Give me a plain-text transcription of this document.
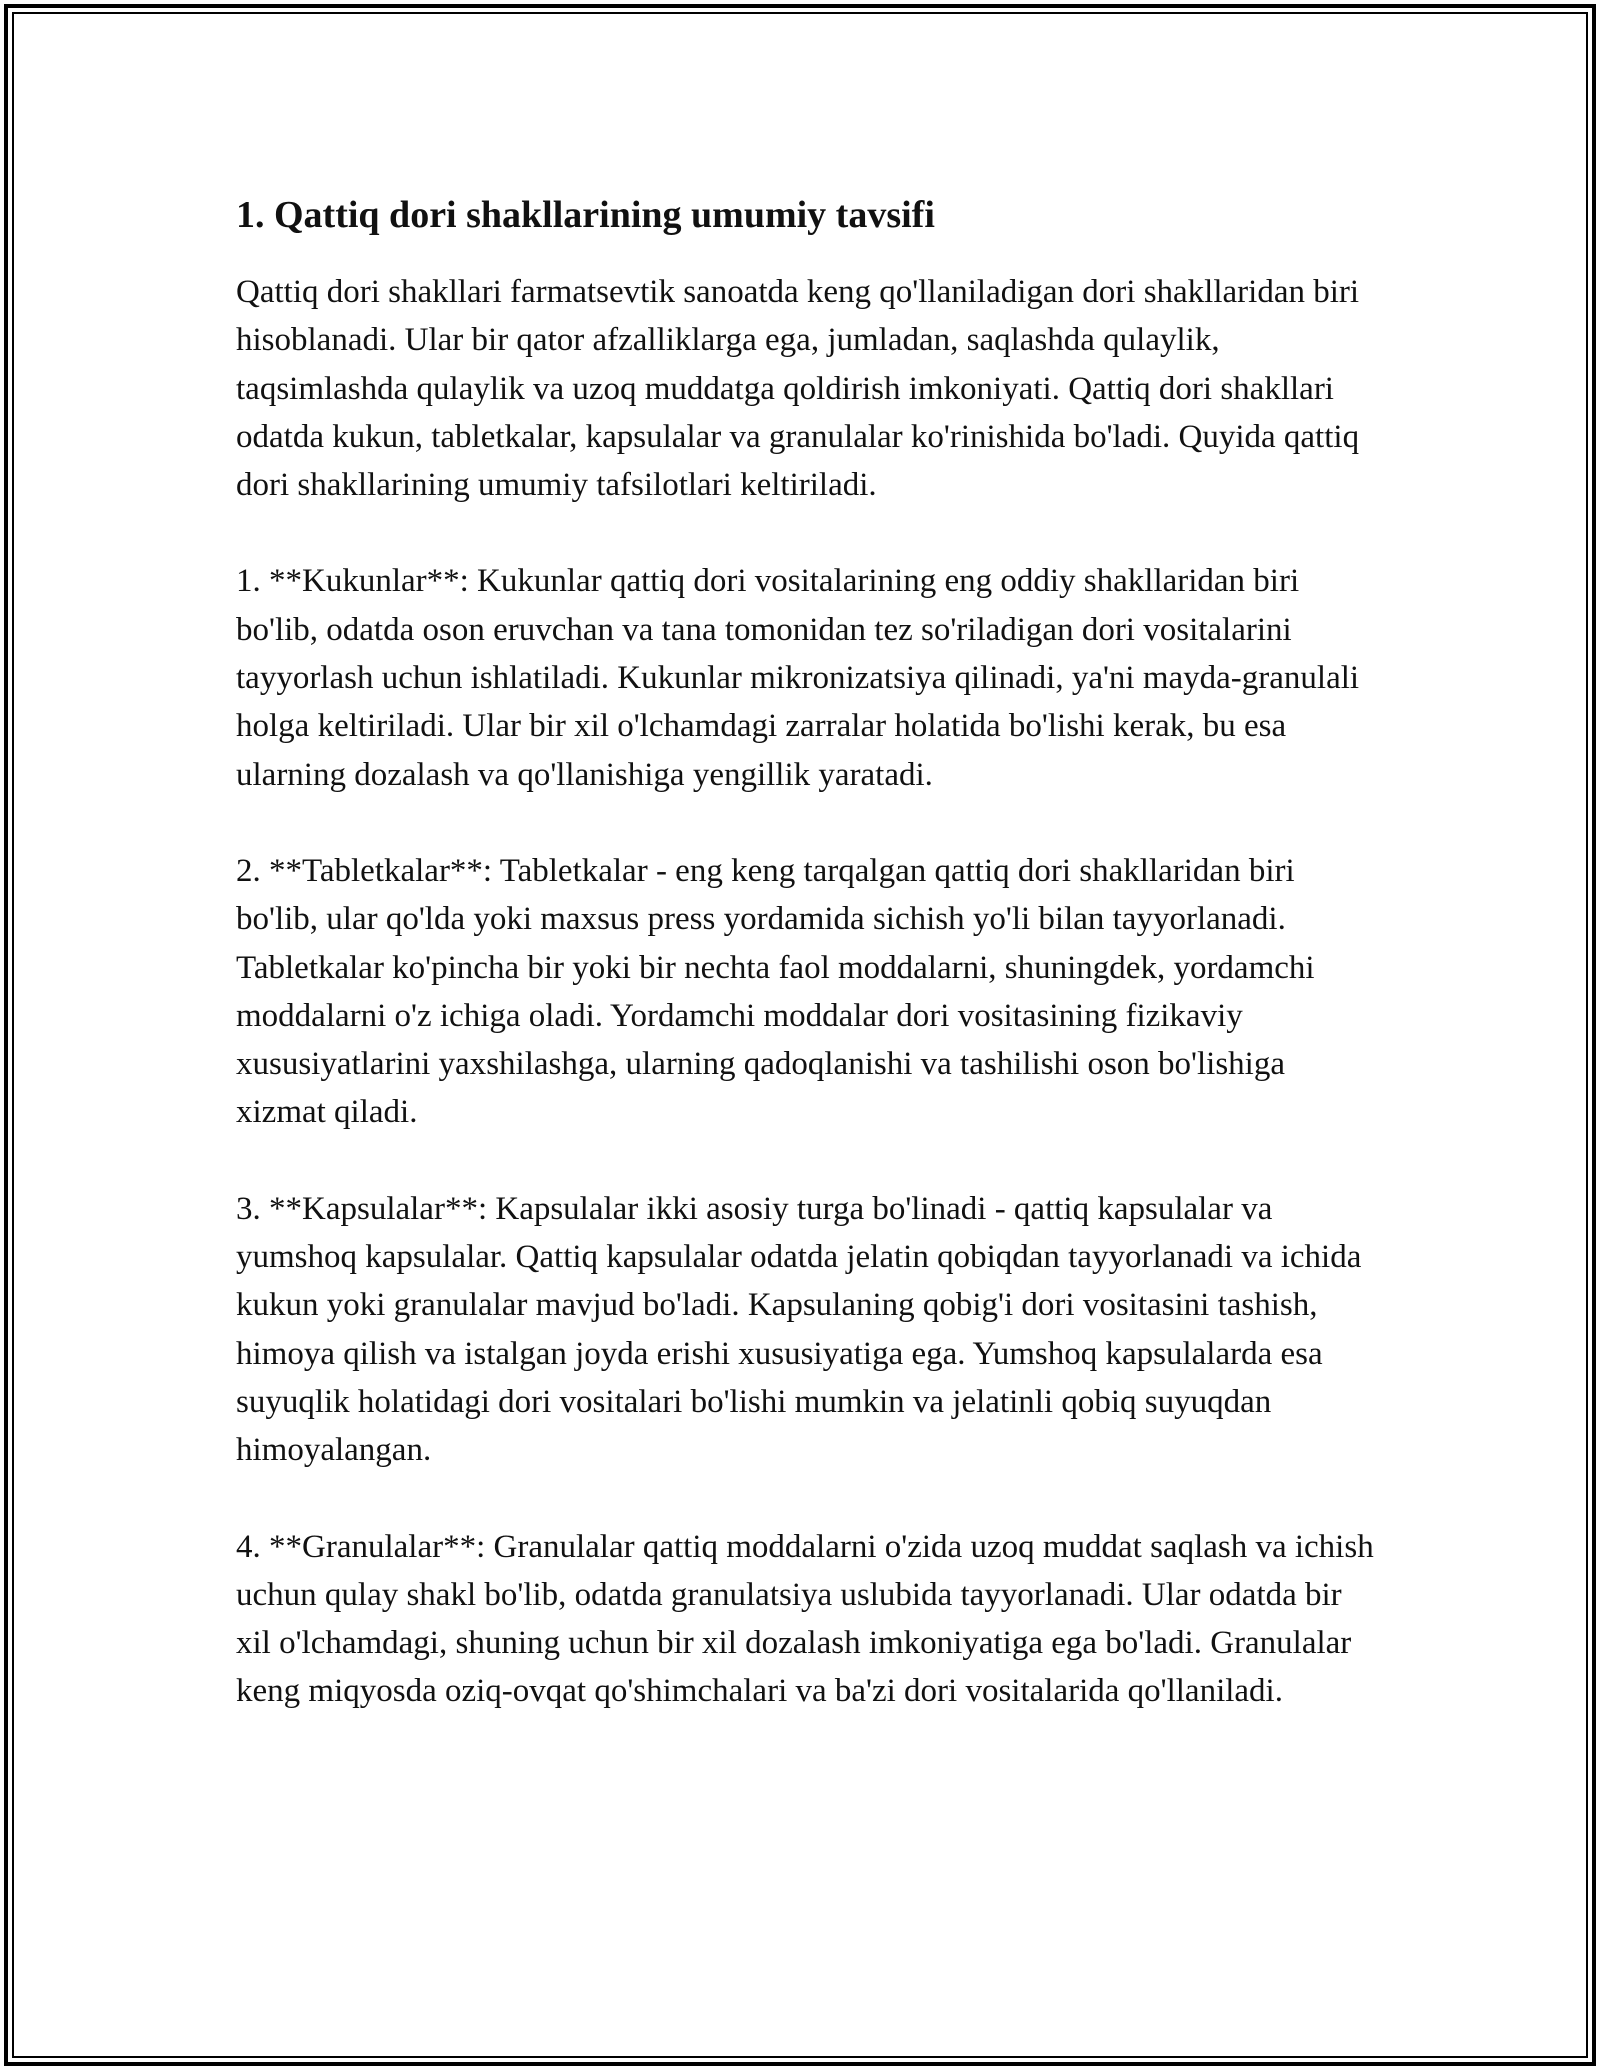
1. Qattiq dori shakllarining umumiy tavsifi

Qattiq dori shakllari farmatsevtik sanoatda keng qo'llaniladigan dori shakllaridan biri hisoblanadi. Ular bir qator afzalliklarga ega, jumladan, saqlashda qulaylik, taqsimlashda qulaylik va uzoq muddatga qoldirish imkoniyati. Qattiq dori shakllari odatda kukun, tabletkalar, kapsulalar va granulalar ko'rinishida bo'ladi. Quyida qattiq dori shakllarining umumiy tafsilotlari keltiriladi.

1. **Kukunlar**: Kukunlar qattiq dori vositalarining eng oddiy shakllaridan biri bo'lib, odatda oson eruvchan va tana tomonidan tez so'riladigan dori vositalarini tayyorlash uchun ishlatiladi. Kukunlar mikronizatsiya qilinadi, ya'ni mayda-granulali holga keltiriladi. Ular bir xil o'lchamdagi zarralar holatida bo'lishi kerak, bu esa ularning dozalash va qo'llanishiga yengillik yaratadi.

2. **Tabletkalar**: Tabletkalar - eng keng tarqalgan qattiq dori shakllaridan biri bo'lib, ular qo'lda yoki maxsus press yordamida sichish yo'li bilan tayyorlanadi. Tabletkalar ko'pincha bir yoki bir nechta faol moddalarni, shuningdek, yordamchi moddalarni o'z ichiga oladi. Yordamchi moddalar dori vositasining fizikaviy xususiyatlarini yaxshilashga, ularning qadoqlanishi va tashilishi oson bo'lishiga xizmat qiladi.

3. **Kapsulalar**: Kapsulalar ikki asosiy turga bo'linadi - qattiq kapsulalar va yumshoq kapsulalar. Qattiq kapsulalar odatda jelatin qobiqdan tayyorlanadi va ichida kukun yoki granulalar mavjud bo'ladi. Kapsulaning qobig'i dori vositasini tashish, himoya qilish va istalgan joyda erishi xususiyatiga ega. Yumshoq kapsulalarda esa suyuqlik holatidagi dori vositalari bo'lishi mumkin va jelatinli qobiq suyuqdan himoyalangan.

4. **Granulalar**: Granulalar qattiq moddalarni o'zida uzoq muddat saqlash va ichish uchun qulay shakl bo'lib, odatda granulatsiya uslubida tayyorlanadi. Ular odatda bir xil o'lchamdagi, shuning uchun bir xil dozalash imkoniyatiga ega bo'ladi. Granulalar keng miqyosda oziq-ovqat qo'shimchalari va ba'zi dori vositalarida qo'llaniladi.
